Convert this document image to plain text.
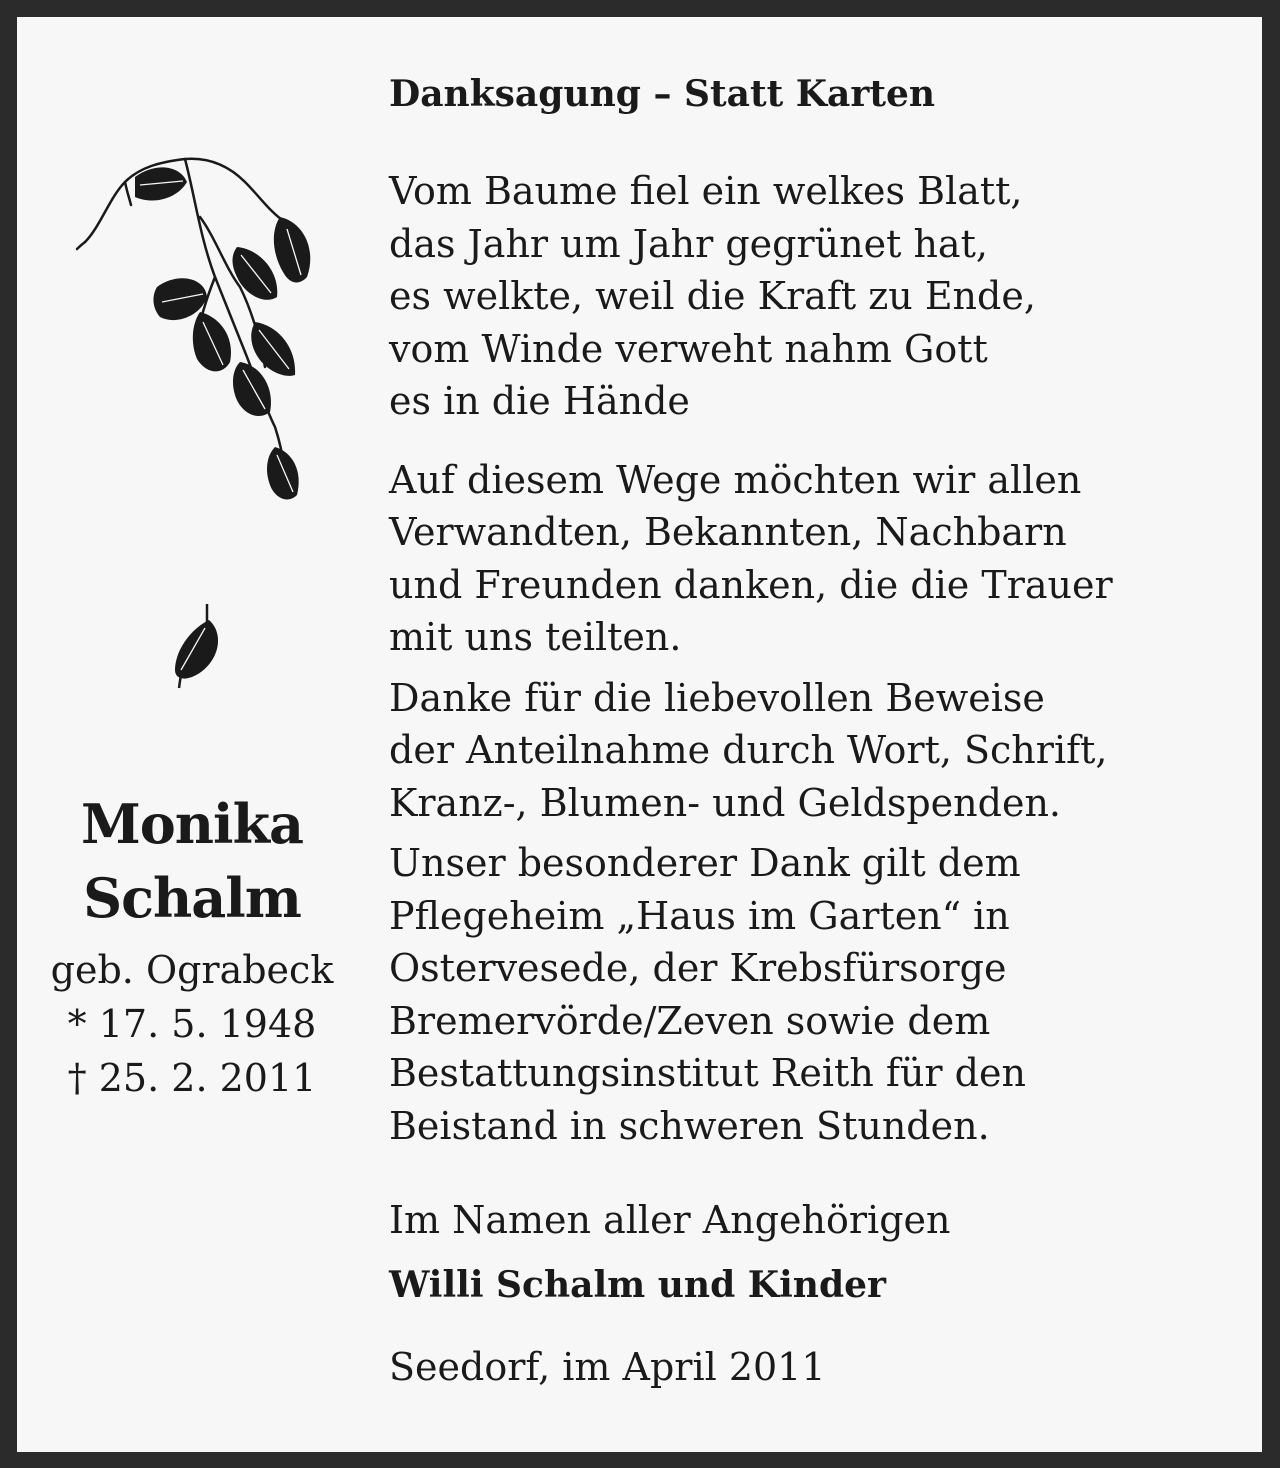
Monika
Schalm
geb. Ograbeck
* 17. 5. 1948
† 25. 2. 2011
Danksagung – Statt Karten
Vom Baume fiel ein welkes Blatt,
das Jahr um Jahr gegrünet hat,
es welkte, weil die Kraft zu Ende,
vom Winde verweht nahm Gott
es in die Hände
Auf diesem Wege möchten wir allen
Verwandten, Bekannten, Nachbarn
und Freunden danken, die die Trauer
mit uns teilten.
Danke für die liebevollen Beweise
der Anteilnahme durch Wort, Schrift,
Kranz-, Blumen- und Geldspenden.
Unser besonderer Dank gilt dem
Pflegeheim „Haus im Garten“ in
Ostervesede, der Krebsfürsorge
Bremervörde/Zeven sowie dem
Bestattungsinstitut Reith für den
Beistand in schweren Stunden.
Im Namen aller Angehörigen
Willi Schalm und Kinder
Seedorf, im April 2011
